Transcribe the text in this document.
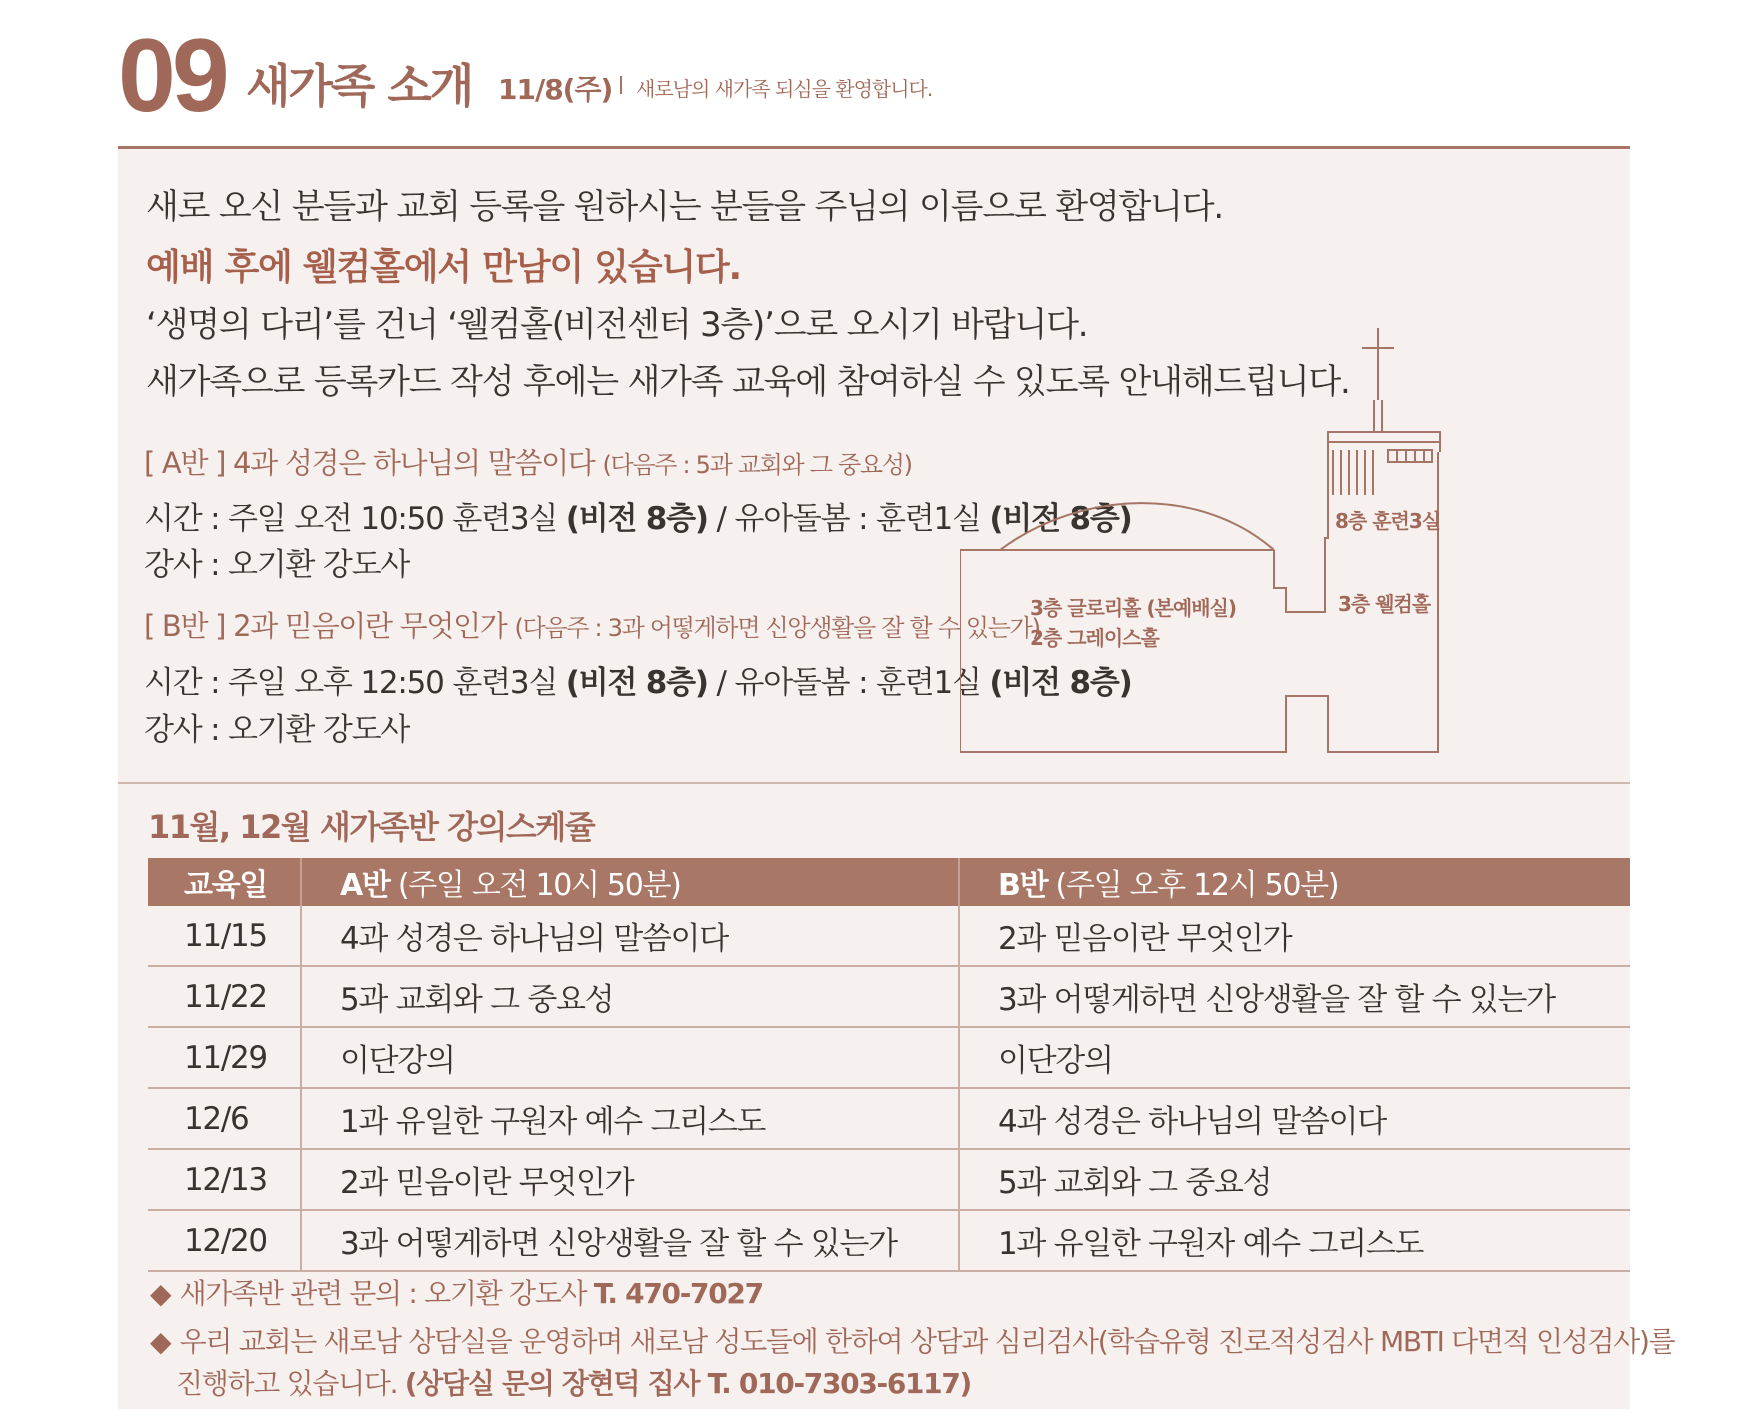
09 새가족 소개 11/8(주) 새로남의 새가족 되심을 환영합니다.
새로 오신 분들과 교회 등록을 원하시는 분들을 주님의 이름으로 환영합니다.
예배 후에 웰컴홀에서 만남이 있습니다.
‘생명의 다리’를 건너 ‘웰컴홀(비전센터 3층)’으로 오시기 바랍니다.
새가족으로 등록카드 작성 후에는 새가족 교육에 참여하실 수 있도록 안내해드립니다.
[ A반 ] 4과 성경은 하나님의 말씀이다 (다음주 : 5과 교회와 그 중요성)
시간 : 주일 오전 10:50 훈련3실 (비전 8층) / 유아돌봄 : 훈련1실 (비전 8층)
강사 : 오기환 강도사
[ B반 ] 2과 믿음이란 무엇인가 (다음주 : 3과 어떻게하면 신앙생활을 잘 할 수 있는가)
시간 : 주일 오후 12:50 훈련3실 (비전 8층) / 유아돌봄 : 훈련1실 (비전 8층)
강사 : 오기환 강도사
8층 훈련3실
3층 웰컴홀
3층 글로리홀 (본예배실)
2층 그레이스홀
11월, 12월 새가족반 강의스케쥴
교육일	A반 (주일 오전 10시 50분)	B반 (주일 오후 12시 50분)
11/15	4과 성경은 하나님의 말씀이다	2과 믿음이란 무엇인가
11/22	5과 교회와 그 중요성	3과 어떻게하면 신앙생활을 잘 할 수 있는가
11/29	이단강의	이단강의
12/6	1과 유일한 구원자 예수 그리스도	4과 성경은 하나님의 말씀이다
12/13	2과 믿음이란 무엇인가	5과 교회와 그 중요성
12/20	3과 어떻게하면 신앙생활을 잘 할 수 있는가	1과 유일한 구원자 예수 그리스도
◆ 새가족반 관련 문의 : 오기환 강도사 T. 470-7027
◆ 우리 교회는 새로남 상담실을 운영하며 새로남 성도들에 한하여 상담과 심리검사(학습유형 진로적성검사 MBTI 다면적 인성검사)를
진행하고 있습니다. (상담실 문의 장현덕 집사 T. 010-7303-6117)
